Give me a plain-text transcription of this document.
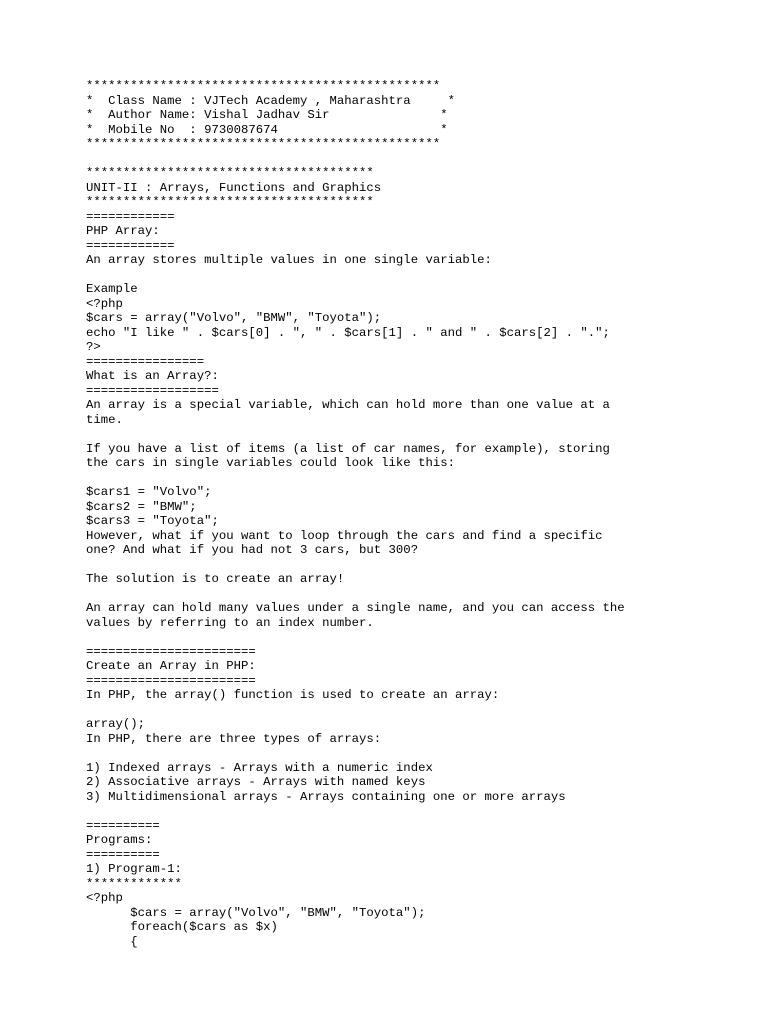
************************************************
*  Class Name : VJTech Academy , Maharashtra     *
*  Author Name: Vishal Jadhav Sir               *
*  Mobile No  : 9730087674                      *
************************************************
***************************************
UNIT-II : Arrays, Functions and Graphics
***************************************
============
PHP Array:
============
An array stores multiple values in one single variable:
Example
<?php
$cars = array("Volvo", "BMW", "Toyota");
echo "I like " . $cars[0] . ", " . $cars[1] . " and " . $cars[2] . ".";
?>
================
What is an Array?:
==================
An array is a special variable, which can hold more than one value at a
time.
If you have a list of items (a list of car names, for example), storing
the cars in single variables could look like this:
$cars1 = "Volvo";
$cars2 = "BMW";
$cars3 = "Toyota";
However, what if you want to loop through the cars and find a specific
one? And what if you had not 3 cars, but 300?
The solution is to create an array!
An array can hold many values under a single name, and you can access the
values by referring to an index number.
=======================
Create an Array in PHP:
=======================
In PHP, the array() function is used to create an array:
array();
In PHP, there are three types of arrays:
1) Indexed arrays - Arrays with a numeric index
2) Associative arrays - Arrays with named keys
3) Multidimensional arrays - Arrays containing one or more arrays
==========
Programs:
==========
1) Program-1:
*************
<?php
$cars = array("Volvo", "BMW", "Toyota");
foreach($cars as $x)
{
